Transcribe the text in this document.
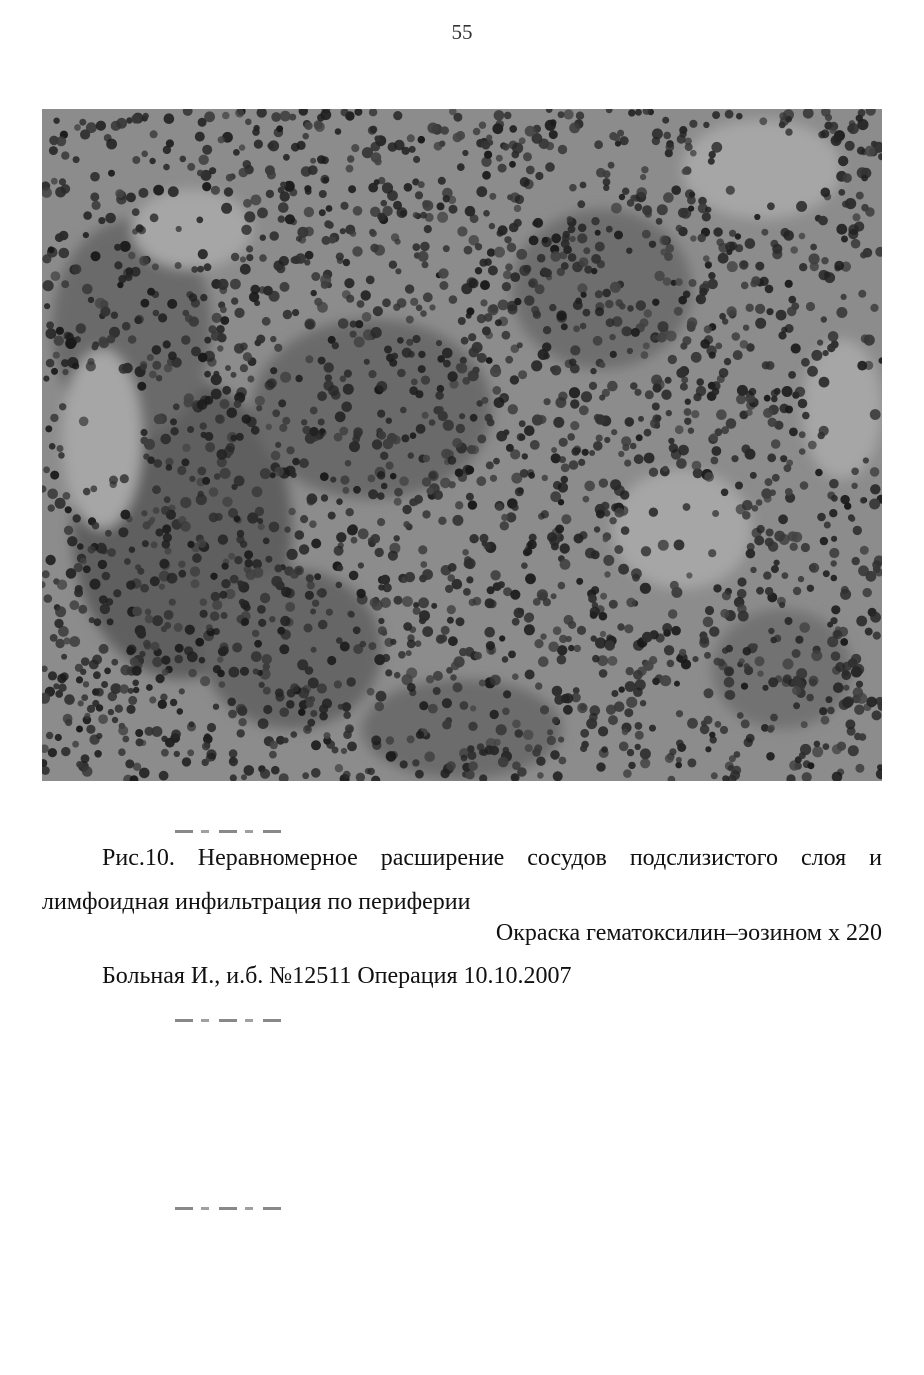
55
Рис.10. Неравномерное расширение сосудов подслизистого слоя и
лимфоидная инфильтрация по периферии
Окраска гематоксилин–эозином х 220
Больная И., и.б. №12511 Операция 10.10.2007
